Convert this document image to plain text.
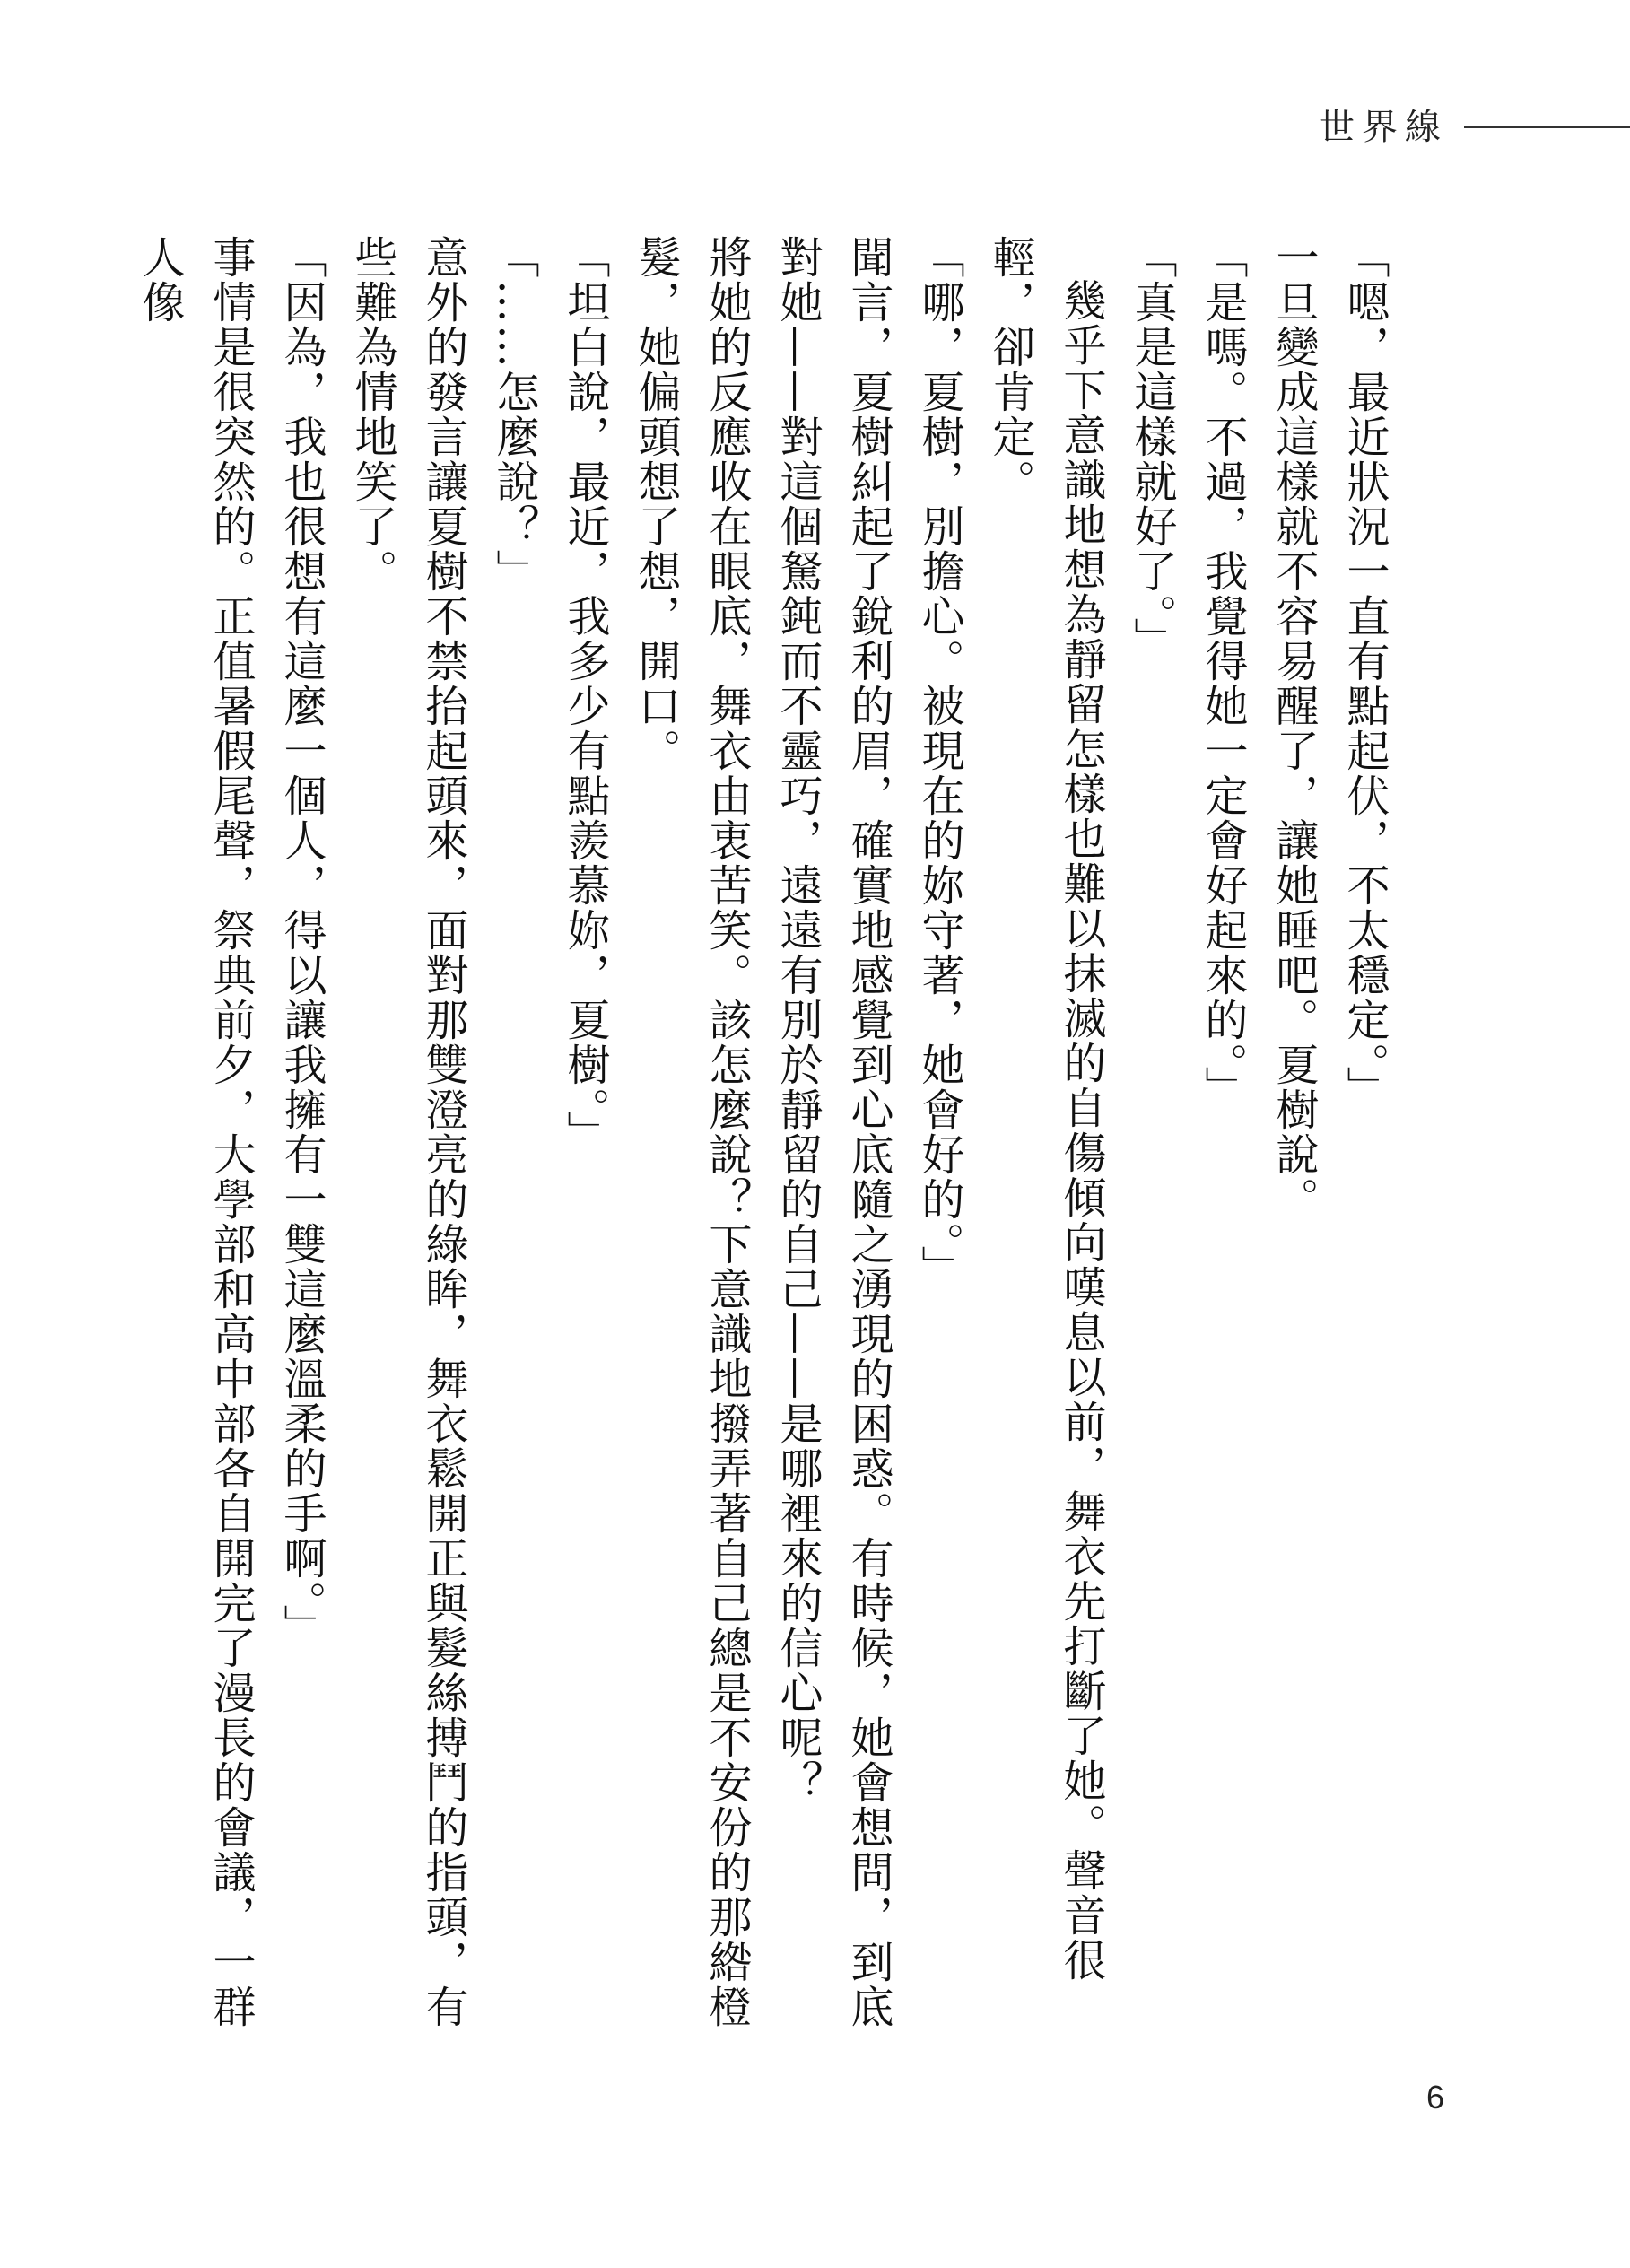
世界線

「嗯，最近狀況一直有點起伏，不太穩定。」

一旦變成這樣就不容易醒了，讓她睡吧。夏樹說。

「是嗎。不過，我覺得她一定會好起來的。」

「真是這樣就好了。」

幾乎下意識地想為靜留怎樣也難以抹滅的自傷傾向嘆息以前，舞衣先打斷了她。聲音很輕，卻肯定。

「哪，夏樹，別擔心。被現在的妳守著，她會好的。」

聞言，夏樹糾起了銳利的眉，確實地感覺到心底隨之湧現的困惑。有時候，她會想問，到底對她——對這個駑鈍而不靈巧，遠遠有別於靜留的自己——是哪裡來的信心呢？

將她的反應收在眼底，舞衣由衷苦笑。該怎麼說？下意識地撥弄著自己總是不安份的那綹橙髮，她偏頭想了想，開口。

「坦白說，最近，我多少有點羨慕妳，夏樹。」

「……怎麼說？」

意外的發言讓夏樹不禁抬起頭來，面對那雙澄亮的綠眸，舞衣鬆開正與髮絲搏鬥的指頭，有些難為情地笑了。

「因為，我也很想有這麼一個人，得以讓我擁有一雙這麼溫柔的手啊。」

事情是很突然的。正值暑假尾聲，祭典前夕，大學部和高中部各自開完了漫長的會議，一群人像

6
